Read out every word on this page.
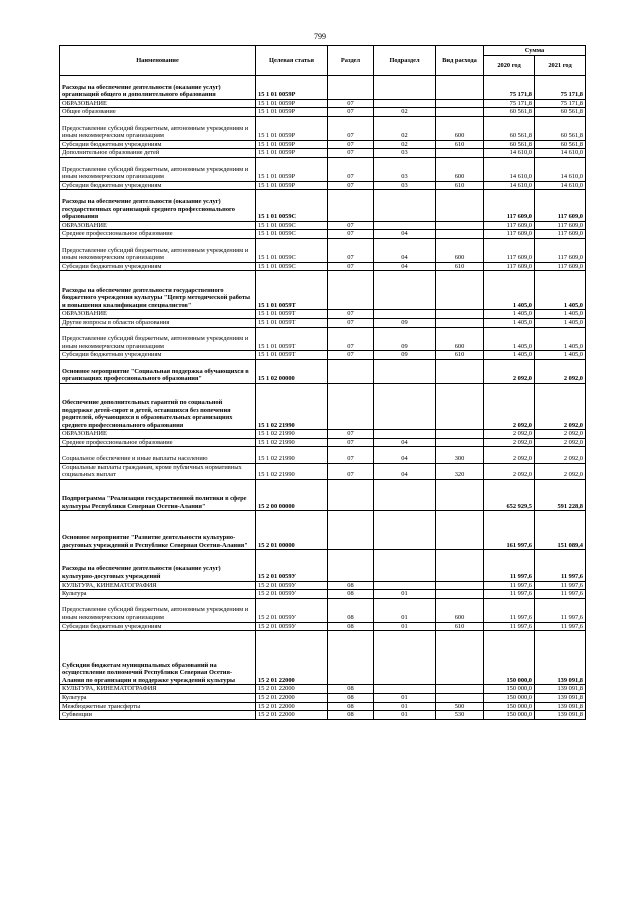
799
Наименование	Целевая статья	Раздел	Подраздел	Вид расхода	Сумма	
					2020 год	2021 год
Расходы на обеспечение деятельности (оказание услуг) организаций общего и дополнительного образования	15 1 01 0059Р				75 171,8	75 171,8
ОБРАЗОВАНИЕ	15 1 01 0059Р	07			75 171,8	75 171,8
Общее образование	15 1 01 0059Р	07	02		60 561,8	60 561,8
Предоставление субсидий бюджетным, автономным учреждениям и иным некоммерческим организациям	15 1 01 0059Р	07	02	600	60 561,8	60 561,8
Субсидии бюджетным учреждениям	15 1 01 0059Р	07	02	610	60 561,8	60 561,8
Дополнительное образование детей	15 1 01 0059Р	07	03		14 610,0	14 610,0
Предоставление субсидий бюджетным, автономным учреждениям и иным некоммерческим организациям	15 1 01 0059Р	07	03	600	14 610,0	14 610,0
Субсидии бюджетным учреждениям	15 1 01 0059Р	07	03	610	14 610,0	14 610,0
Расходы на обеспечение деятельности (оказание услуг) государственных организаций среднего профессионального образования	15 1 01 0059С				117 609,0	117 609,0
ОБРАЗОВАНИЕ	15 1 01 0059С	07			117 609,0	117 609,0
Среднее профессиональное образование	15 1 01 0059С	07	04		117 609,0	117 609,0
Предоставление субсидий бюджетным, автономным учреждениям и иным некоммерческим организациям	15 1 01 0059С	07	04	600	117 609,0	117 609,0
Субсидии бюджетным учреждениям	15 1 01 0059С	07	04	610	117 609,0	117 609,0
Расходы на обеспечение деятельности государственного бюджетного учреждения культуры "Центр методической работы и повышения квалификации специалистов"	15 1 01 0059Т				1 405,0	1 405,0
ОБРАЗОВАНИЕ	15 1 01 0059Т	07			1 405,0	1 405,0
Другие вопросы в области образования	15 1 01 0059Т	07	09		1 405,0	1 405,0
Предоставление субсидий бюджетным, автономным учреждениям и иным некоммерческим организациям	15 1 01 0059Т	07	09	600	1 405,0	1 405,0
Субсидии бюджетным учреждениям	15 1 01 0059Т	07	09	610	1 405,0	1 405,0
Основное мероприятие "Социальная поддержка обучающихся в организациях профессионального образования"	15 1 02 00000				2 092,0	2 092,0
Обеспечение дополнительных гарантий по социальной поддержке детей-сирот и детей, оставшихся без попечения родителей, обучающихся в образовательных организациях среднего профессионального образования	15 1 02 21990				2 092,0	2 092,0
ОБРАЗОВАНИЕ	15 1 02 21990	07			2 092,0	2 092,0
Среднее профессиональное образование	15 1 02 21990	07	04		2 092,0	2 092,0
Социальное обеспечение и иные выплаты населению	15 1 02 21990	07	04	300	2 092,0	2 092,0
Социальные выплаты гражданам, кроме публичных нормативных социальных выплат	15 1 02 21990	07	04	320	2 092,0	2 092,0
Подпрограмма "Реализация государственной политики в сфере культуры Республики Северная Осетия-Алания"	15 2 00 00000				652 929,5	591 228,8
Основное мероприятие "Развитие деятельности культурно-досуговых учреждений в Республике Северная Осетия-Алания"	15 2 01 00000				161 997,6	151 089,4
Расходы на обеспечение деятельности (оказание услуг) культурно-досуговых учреждений	15 2 01 0059У				11 997,6	11 997,6
КУЛЬТУРА, КИНЕМАТОГРАФИЯ	15 2 01 0059У	08			11 997,6	11 997,6
Культура	15 2 01 0059У	08	01		11 997,6	11 997,6
Предоставление субсидий бюджетным, автономным учреждениям и иным некоммерческим организациям	15 2 01 0059У	08	01	600	11 997,6	11 997,6
Субсидии бюджетным учреждениям	15 2 01 0059У	08	01	610	11 997,6	11 997,6
Субсидии бюджетам муниципальных образований на осуществление полномочий Республики Северная Осетия-Алания по организации и поддержке учреждений культуры	15 2 01 22000				150 000,0	139 091,8
КУЛЬТУРА, КИНЕМАТОГРАФИЯ	15 2 01 22000	08			150 000,0	139 091,8
Культура	15 2 01 22000	08	01		150 000,0	139 091,8
Межбюджетные трансферты	15 2 01 22000	08	01	500	150 000,0	139 091,8
Субвенции	15 2 01 22000	08	01	530	150 000,0	139 091,8
